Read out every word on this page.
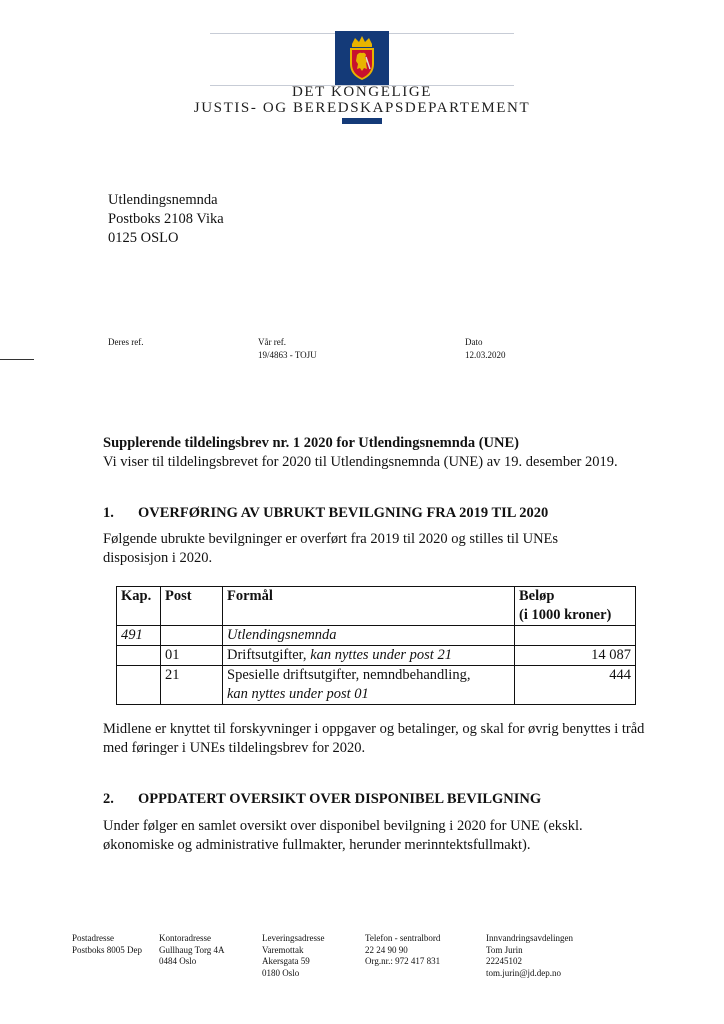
DET KONGELIGE
JUSTIS- OG BEREDSKAPSDEPARTEMENT
Utlendingsnemnda
Postboks 2108 Vika
0125 OSLO
Deres ref.	Vår ref.
19/4863 - TOJU
Dato
12.03.2020
Supplerende tildelingsbrev nr. 1 2020 for Utlendingsnemnda (UNE)
Vi viser til tildelingsbrevet for 2020 til Utlendingsnemnda (UNE) av 19. desember 2019.
1. OVERFØRING AV UBRUKT BEVILGNING FRA 2019 TIL 2020
Følgende ubrukte bevilgninger er overført fra 2019 til 2020 og stilles til UNEs disposisjon i 2020.
Kap.	Post	Formål	Beløp
(i 1000 kroner)
491		Utlendingsnemnda	
	01	Driftsutgifter, kan nyttes under post 21	14 087
	21	Spesielle driftsutgifter, nemndbehandling,
kan nyttes under post 01	444
Midlene er knyttet til forskyvninger i oppgaver og betalinger, og skal for øvrig benyttes i tråd med føringer i UNEs tildelingsbrev for 2020.
2. OPPDATERT OVERSIKT OVER DISPONIBEL BEVILGNING
Under følger en samlet oversikt over disponibel bevilgning i 2020 for UNE (ekskl. økonomiske og administrative fullmakter, herunder merinntektsfullmakt).
Postadresse
Postboks 8005 Dep
Kontoradresse
Gullhaug Torg 4A
0484 Oslo
Leveringsadresse
Varemottak
Akersgata 59
0180 Oslo
Telefon - sentralbord
22 24 90 90
Org.nr.: 972 417 831
Innvandringsavdelingen
Tom Jurin
22245102
tom.jurin@jd.dep.no
